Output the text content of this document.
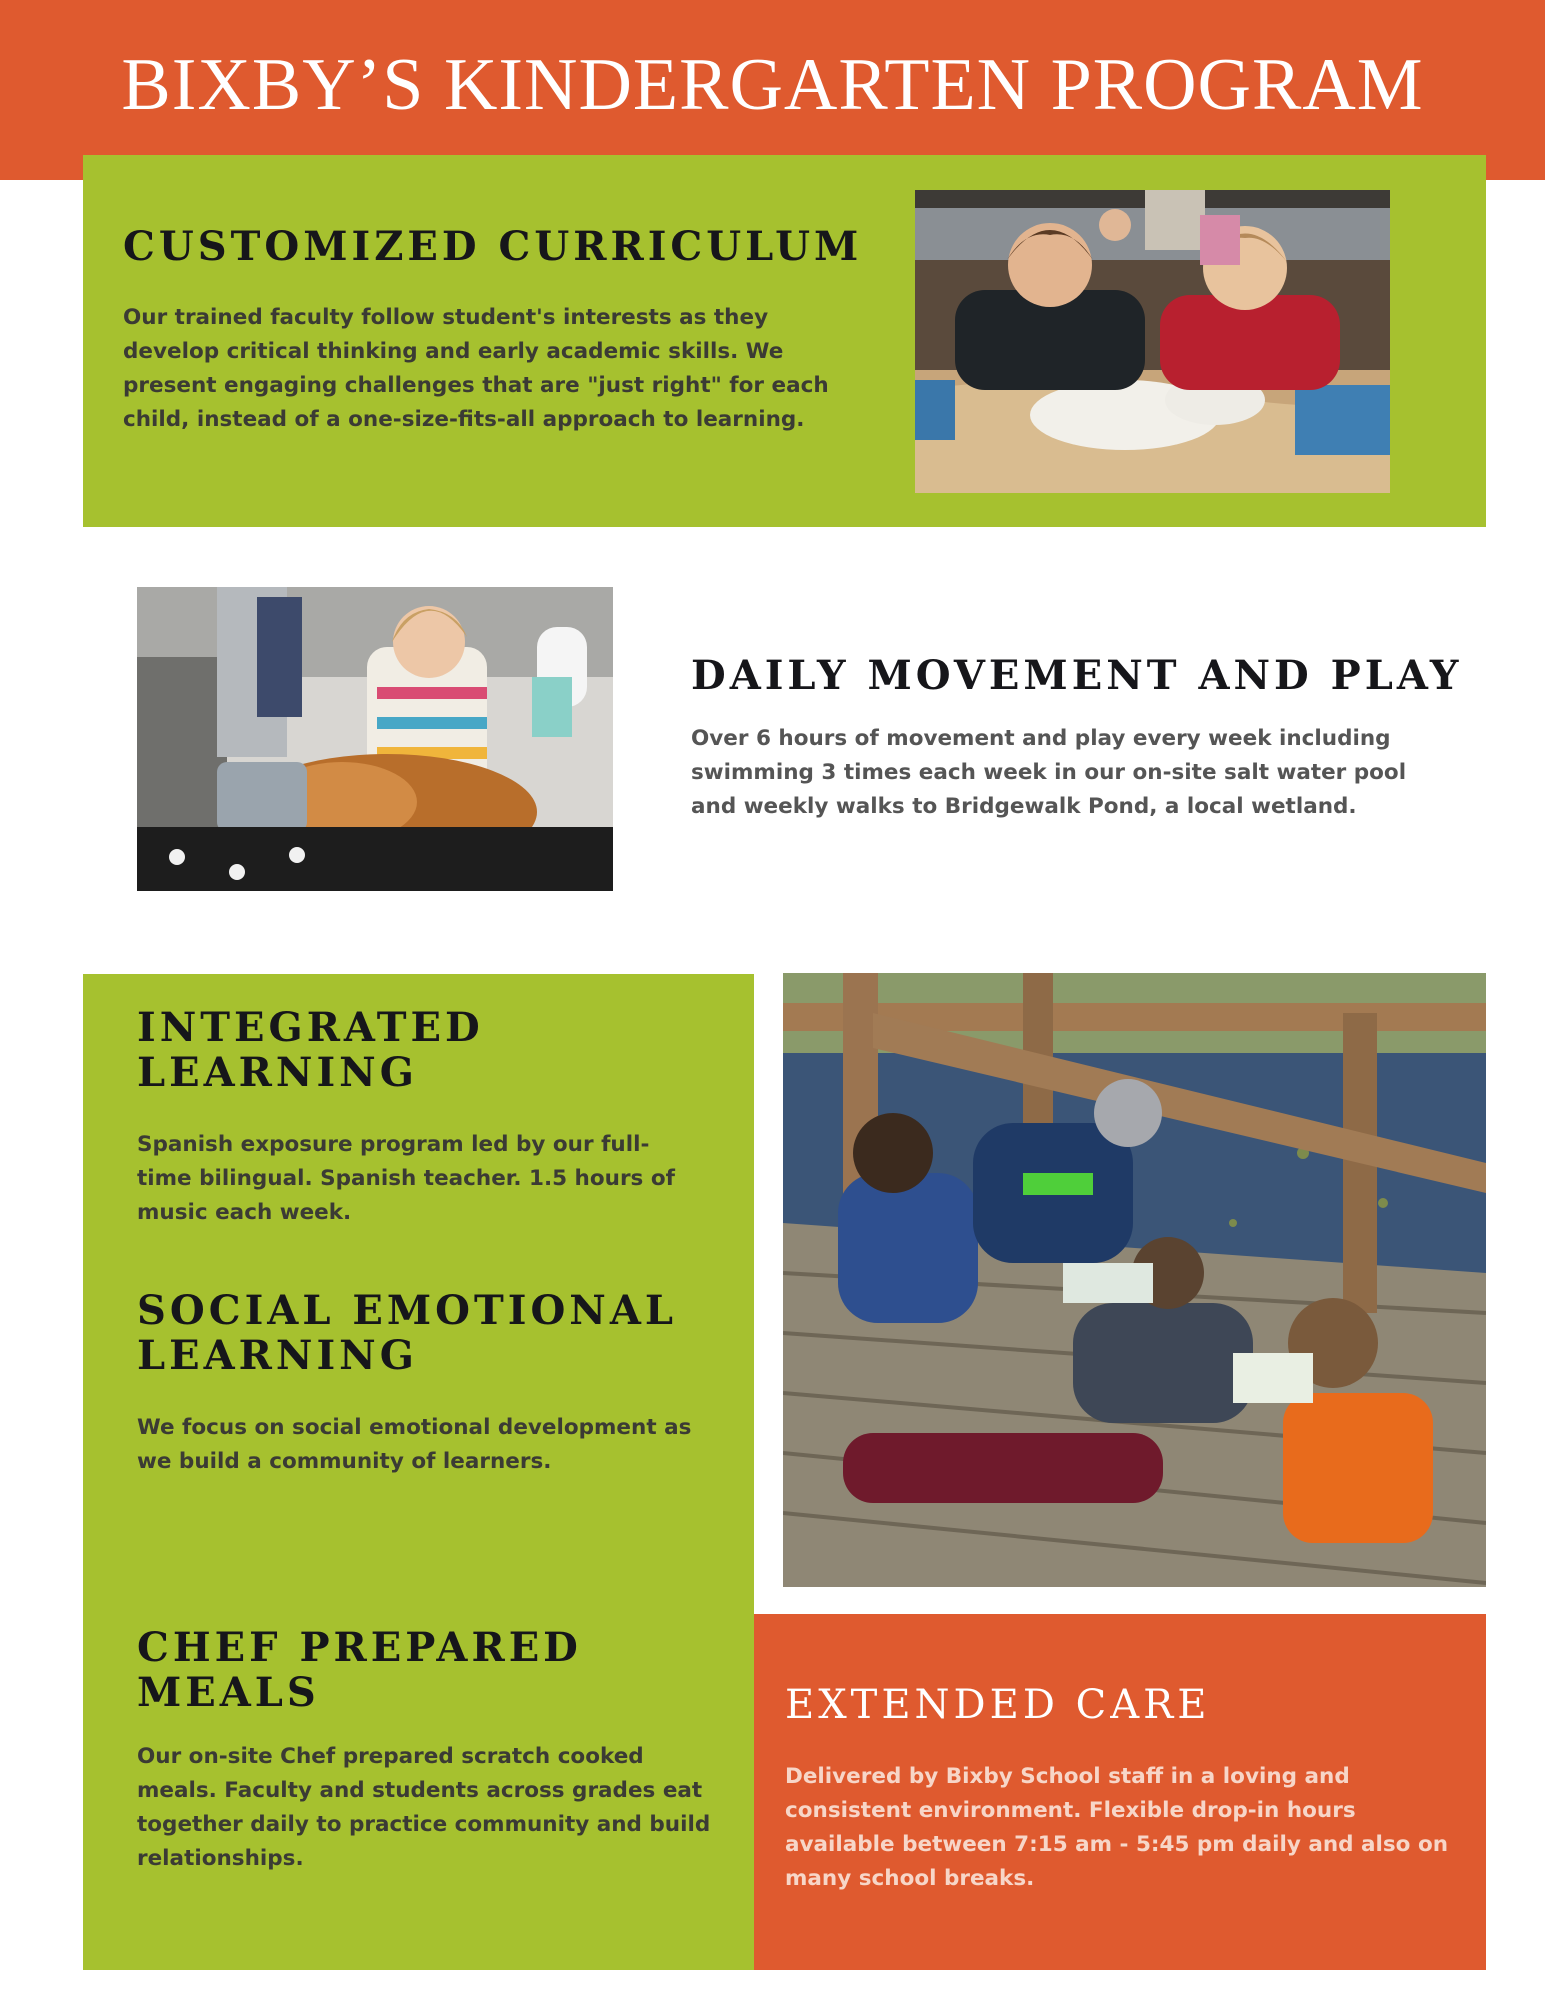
BIXBY’S KINDERGARTEN PROGRAM
CUSTOMIZED CURRICULUM

Our trained faculty follow student's interests as they develop critical thinking and early academic skills. We present engaging challenges that are "just right" for each child, instead of a one-size-fits-all approach to learning.

DAILY MOVEMENT AND PLAY

Over 6 hours of movement and play every week including swimming 3 times each week in our on-site salt water pool and weekly walks to Bridgewalk Pond, a local wetland.

INTEGRATED
LEARNING

Spanish exposure program led by our full-time bilingual. Spanish teacher. 1.5 hours of music each week.

SOCIAL EMOTIONAL
LEARNING

We focus on social emotional development as we build a community of learners.

CHEF PREPARED
MEALS

Our on-site Chef prepared scratch cooked meals. Faculty and students across grades eat together daily to practice community and build relationships.

EXTENDED CARE

Delivered by Bixby School staff in a loving and consistent environment. Flexible drop-in hours available between 7:15 am - 5:45 pm daily and also on many school breaks.
